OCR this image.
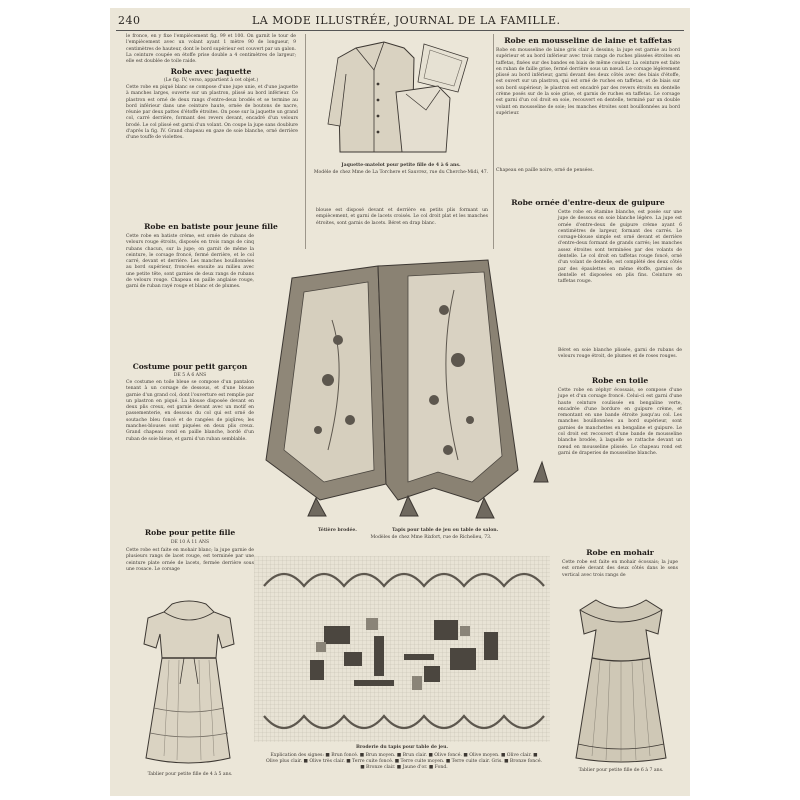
240	LA MODE ILLUSTRÉE, JOURNAL DE LA FAMILLE.
le fronce, en y fixe l'empiècement fig. 99 et 100. On garnit le tour de l'empiècement avec un volant ayant 1 mètre 90 de longueur, 9 centimètres de hauteur, dont le bord supérieur est couvert par un galon. La ceinture coupée en étoffe prise double a 4 centimètres de largeur; elle est doublée de toile raide.
Robe avec jaquette
(Le fig. IV, verso, appartient à cet objet.)
Cette robe en piqué blanc se compose d'une jupe unie, et d'une jaquette à manches larges, ouverte sur un plastron, plissé au bord inférieur. Ce plastron est orné de deux rangs d'entre-deux brodés et se termine au bord inférieur dans une ceinture haute, ornée de boutons de nacre, réunie par deux pattes d'étoffe étroites. On pose sur la jaquette un grand col, carré derrière, formant des revers devant, encadré d'un velours brodé. Le col plissé est garni d'un volant. On coupe la jupe sans doublure d'après la fig. IV. Grand chapeau en gaze de soie blanche, orné derrière d'une touffe de violettes.
Robe en batiste pour jeune fille
Cette robe en batiste crème, est ornée de rubans de velours rouge étroits, disposés en trois rangs de cinq rubans chacun, sur la jupe; on garnit de même la ceinture, le corsage froncé, fermé derrière, et le col carré, devant et derrière. Les manches bouillonnées au bord supérieur, froncées ensuite au milieu avec une petite tête, sont garnies de deux rangs de rubans de velours rouge. Chapeau en paille anglaise rouge, garni de ruban rayé rouge et blanc et de plumes.
Costume pour petit garçon
DE 5 À 6 ANS
Ce costume en toile bleue se compose d'un pantalon tenant à un corsage de dessous, et d'une blouse garnie d'un grand col, dont l'ouverture est remplie par un plastron en piqué. La blouse disposée devant en deux plis creux, est garnie devant avec un motif en passementerie, en dessous du col qui est orné de soutache bleu foncé et de rangées de piqûres; les manches-blouses sont piquées en deux plis creux. Grand chapeau rond en paille blanche, bordé d'un ruban de soie bleue, et garni d'un ruban semblable.
Robe pour petite fille
DE 10 À 11 ANS
Cette robe est faite en mohair blanc; la jupe garnie de plusieurs rangs de lacet rouge, est terminée par une ceinture plate ornée de lacets, fermée derrière sous une rosace. Le corsage
Tablier pour petite fille de 4 à 5 ans.
Jaquette-matelot pour petite fille de 4 à 6 ans.
Modèle de chez Mme de La Torchere et Sauvrez, rue du Cherche-Midi, 47.
blouse est disposé devant et derrière en petits plis formant un empiècement, et garni de lacets croisés. Le col droit plat et les manches étroites, sont garnis de lacets. Béret en drap blanc.
Tétière brodée.	Tapis pour table de jeu ou table de salon.
Modèles de chez Mme Rixfort, rue de Richelieu, 73.
Broderie du tapis pour table de jeu.
Explication des signes: ■ Brun foncé. ■ Brun moyen. ■ Brun clair. ■ Olive foncé. ■ Olive moyen. ■ Olive clair. ■ Olive plus clair. ■ Olive très clair. ■ Terre cuite foncé. ■ Terre cuite moyen. ■ Terre cuite clair. Gris. ■ Bronze foncé. ■ Bronze clair. ■ Jaune d'or. ■ Fond.
Robe en mousseline de laine et taffetas
Robe en mousseline de laine gris clair à dessins; la jupe est garnie au bord supérieur et au bord inférieur avec trois rangs de ruches plissées étroites en taffetas, fixées sur des bandes en biais de même couleur. La ceinture est faite en ruban de faille grise, fermé derrière sous un nœud. Le corsage légèrement plissé au bord inférieur, garni devant des deux côtés avec des biais d'étoffe, est ouvert sur un plastron, qui est orné de ruches en taffetas, et de biais sur son bord supérieur; le plastron est encadré par des revers étroits en dentelle crème posés sur de la soie grise, et garnis de ruches en taffetas. Le corsage est garni d'un col droit en soie, recouvert en dentelle, terminé par un double volant en mousseline de soie; les manches étroites sont bouillonnées au bord supérieur.
Chapeau en paille noire, orné de pensées.
Robe ornée d'entre-deux de guipure
Cette robe en étamine blanche, est posée sur une jupe de dessous en soie blanche légère. La jupe est ornée d'entre-deux de guipure crème ayant 6 centimètres de largeur, formant des carrés. Le corsage-blouse simple est orné devant et derrière d'entre-deux formant de grands carrés; les manches assez étroites sont terminées par des volants de dentelle. Le col droit en taffetas rouge foncé, orné d'un volant de dentelle, est complété des deux côtés par des épaulettes en même étoffe, garnies de dentelle et disposées en plis fins. Ceinture en taffetas rouge.
Béret en soie blanche plissée, garni de rubans de velours rouge étroit, de plumes et de roses rouges.
Robe en toile
Cette robe en zéphyr écossais, se compose d'une jupe et d'un corsage froncé. Celui-ci est garni d'une haute ceinture coulissée en bengaline verte, encadrée d'une bordure en guipure crème, et remontant en une bande étroite jusqu'au col. Les manches bouillonnées au bord supérieur, sont garnies de manchettes en bengaline et guipure. Le col droit est recouvert d'une bande de mousseline blanche brodée, à laquelle se rattache devant un nœud en mousseline plissée. Le chapeau rond est garni de draperies de mousseline blanche.
Robe en mohair
Cette robe est faite en mohair écossais; la jupe est ornée devant des deux côtés dans le sens vertical avec trois rangs de
Tablier pour petite fille de 6 à 7 ans.
